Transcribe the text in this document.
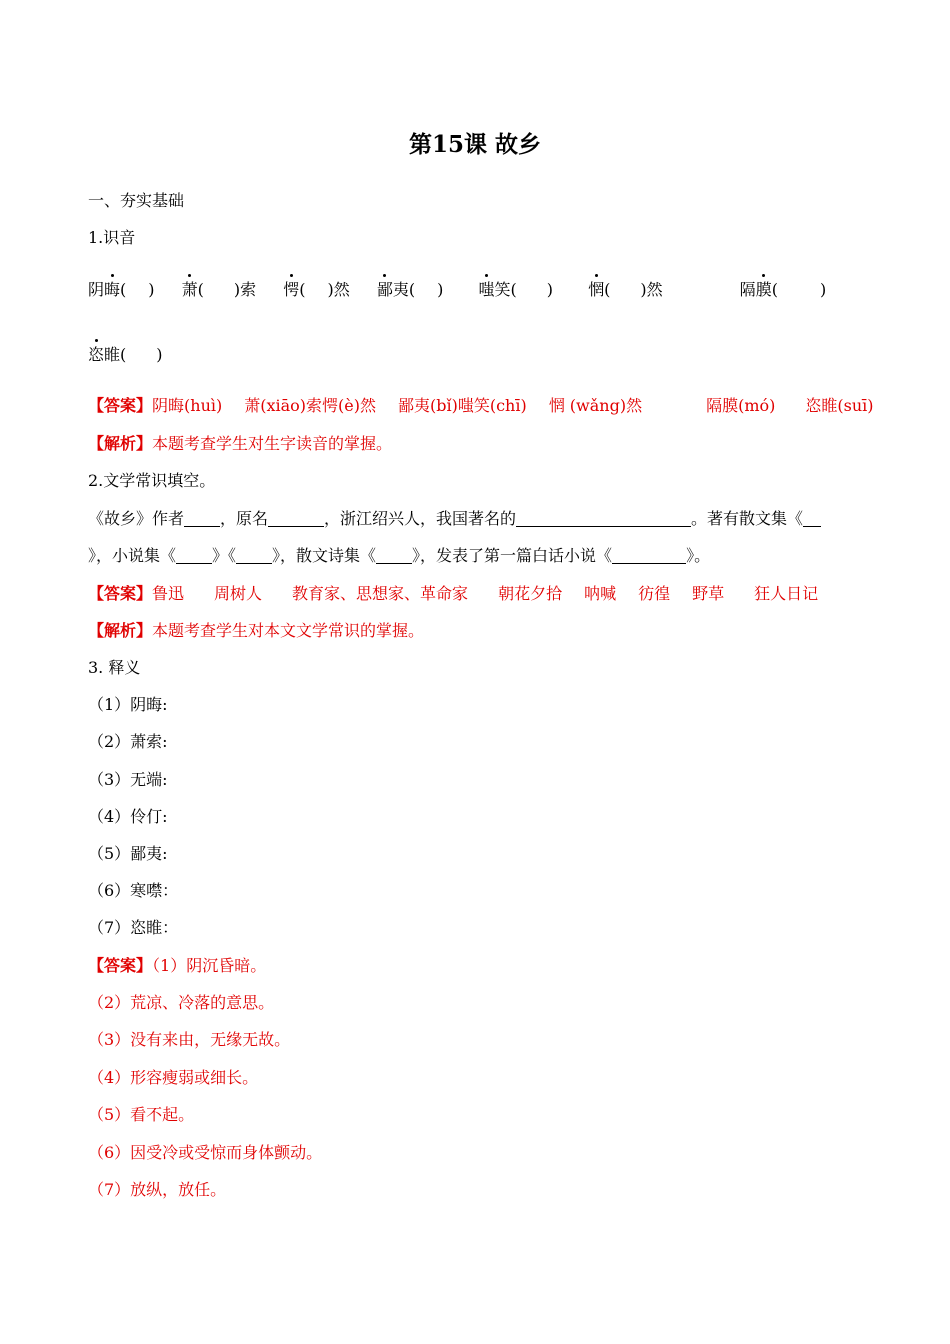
第15课 故乡
一、夯实基础
1.识音
阴晦( ) 萧( )索 愕( )然 鄙夷( ) 嗤笑( ) 惘( )然	隔膜(	)
恣睢( )
【答案】阴晦(huì) 萧(xiāo)索愕(è)然 鄙夷(bǐ)嗤笑(chī) 惘 (wǎng)然	隔膜(mó) 恣睢(suī)
【解析】本题考查学生对生字读音的掌握。
2.文学常识填空。
《故乡》作者 ，原名	，浙江绍兴人，我国著名的	。著有散文集《
》，小说集《 》《 》，散文诗集《 》，发表了第一篇白话小说《	》。
【答案】鲁迅 周树人 教育家、思想家、革命家 朝花夕拾 呐喊 彷徨 野草 狂人日记
【解析】本题考查学生对本文文学常识的掌握。
3. 释义
（1）阴晦:
（2）萧索:
（3）无端:
（4）伶仃:
（5）鄙夷:
（6）寒噤：
（7）恣睢：
【答案】（1）阴沉昏暗。
（2）荒凉、冷落的意思。
（3）没有来由，无缘无故。
（4）形容瘦弱或细长。
（5）看不起。
（6）因受冷或受惊而身体颤动。
（7）放纵，放任。
